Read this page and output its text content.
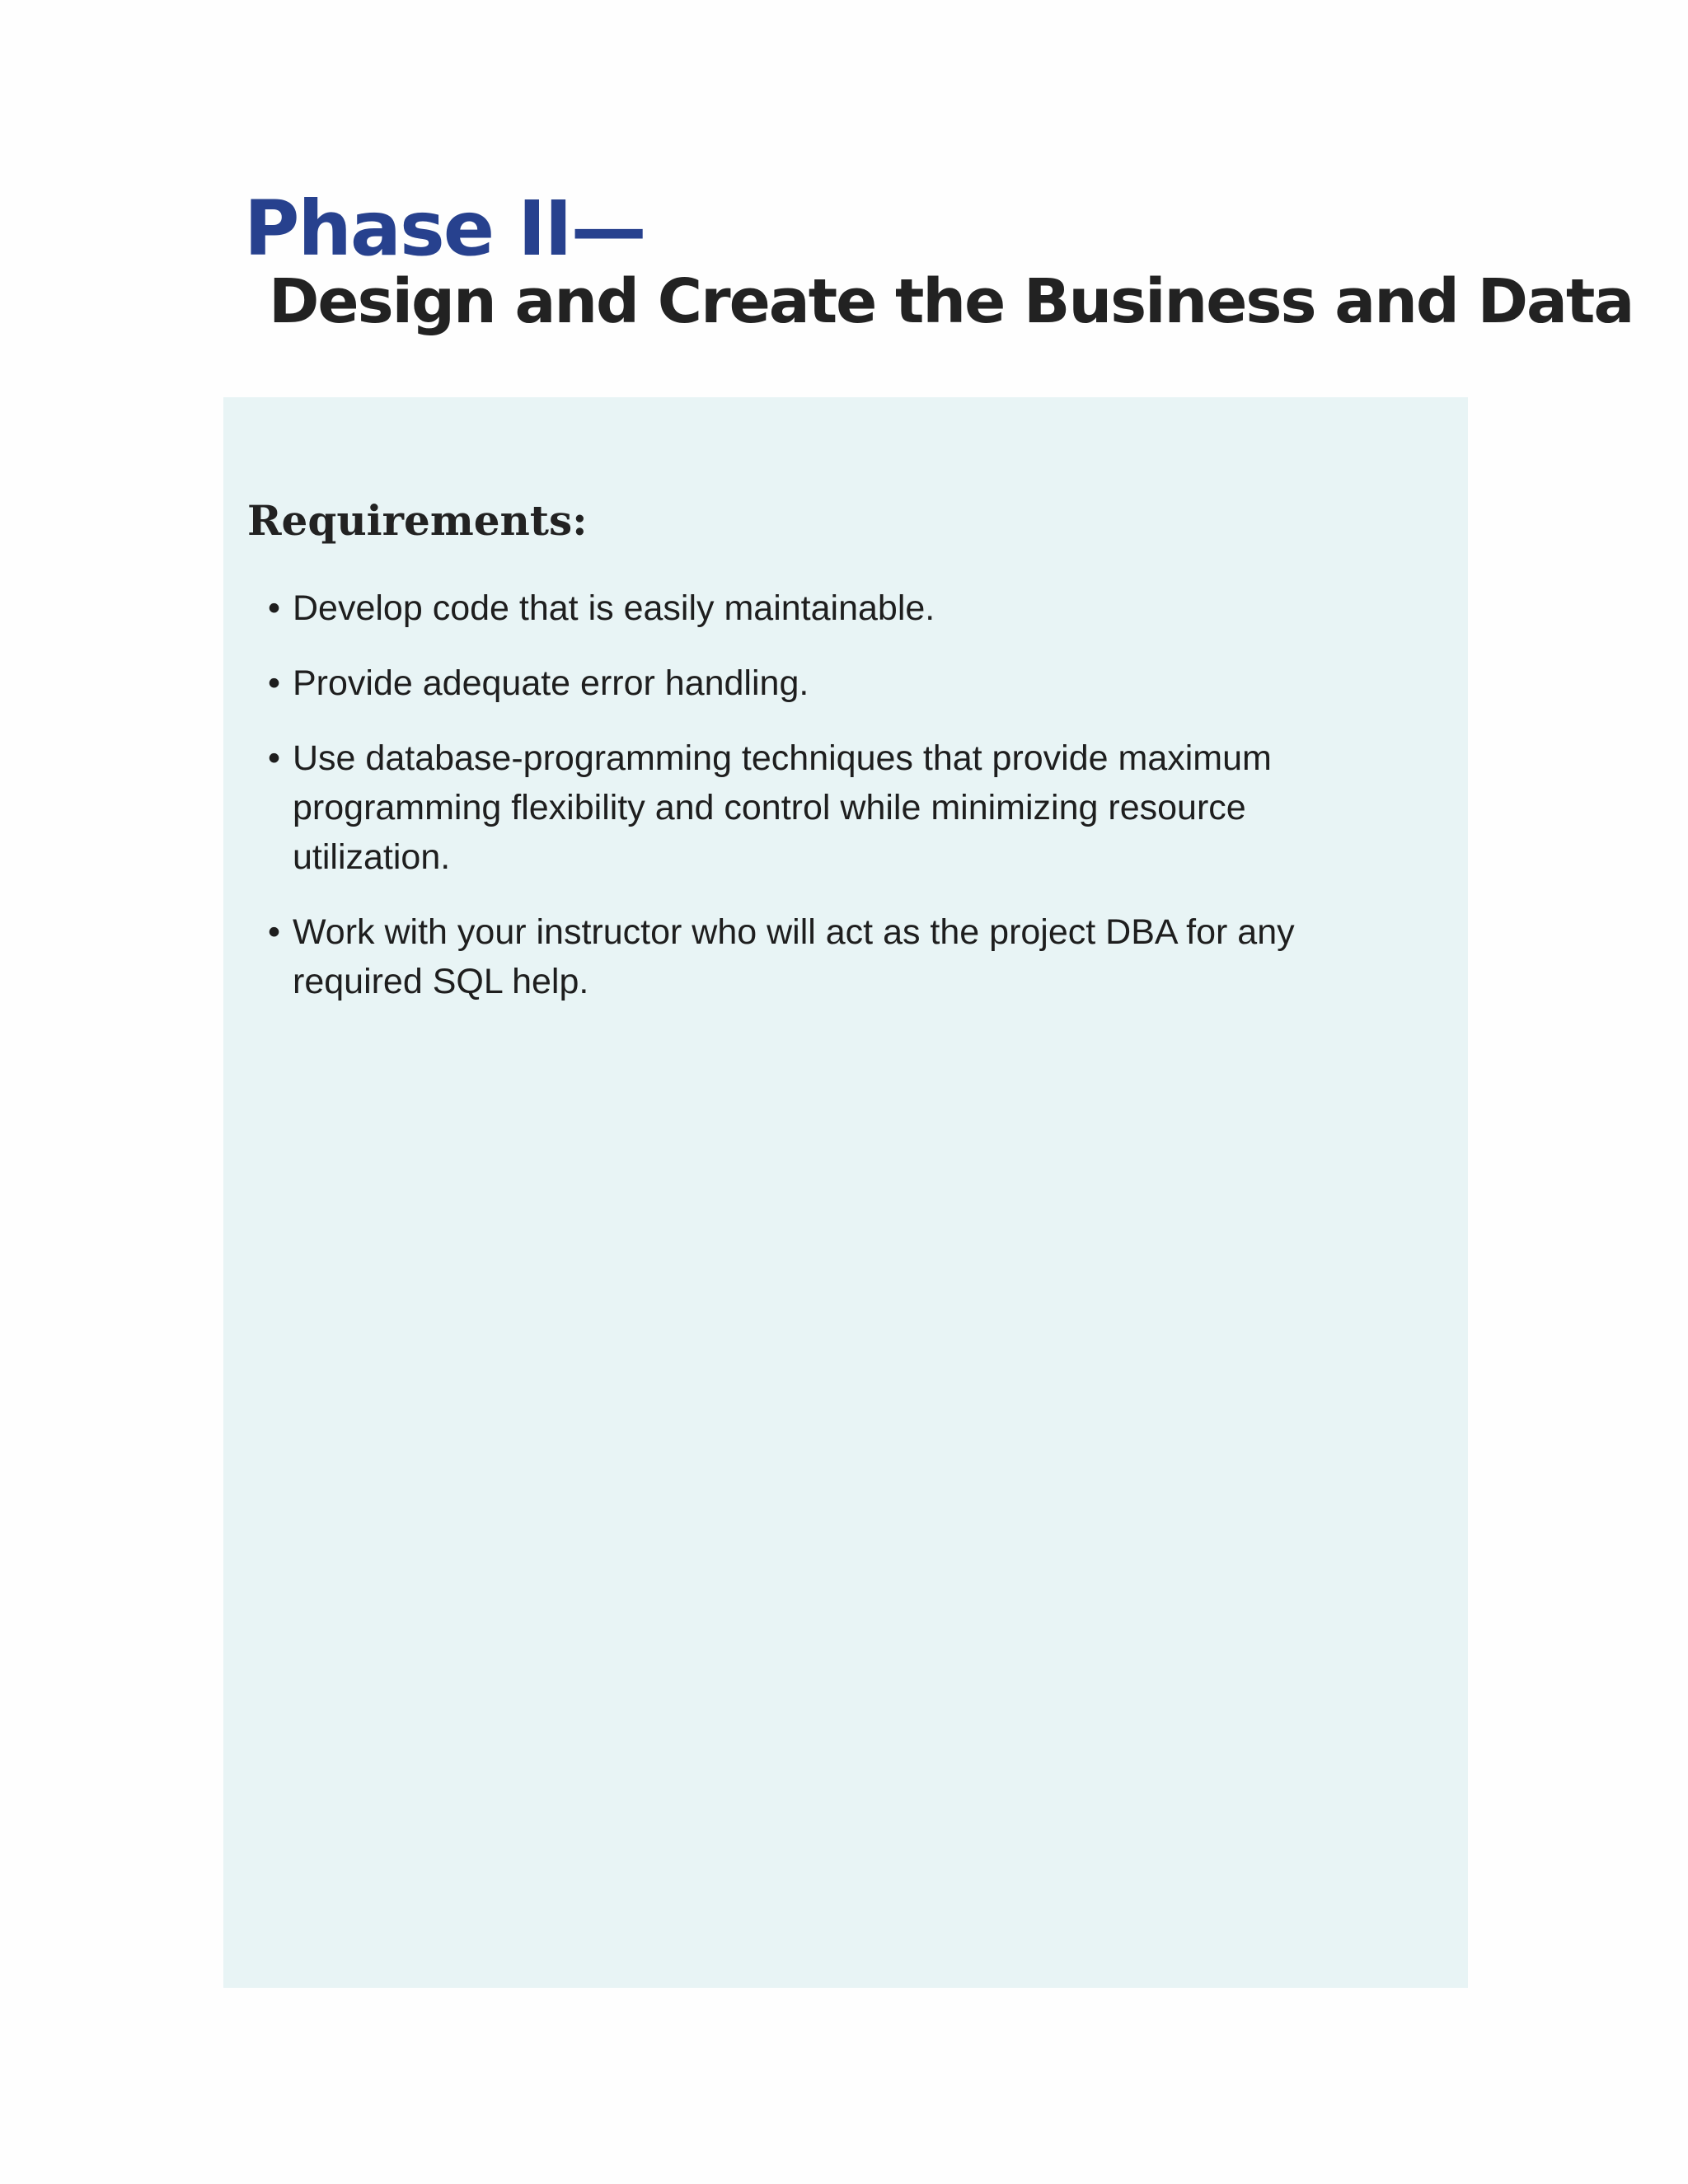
Phase II—
Design and Create the Business and Data
Requirements:
• Develop code that is easily maintainable.
• Provide adequate error handling.
• Use database-programming techniques that provide maximum programming flexibility and control while minimizing resource utilization.
• Work with your instructor who will act as the project DBA for any required SQL help.
